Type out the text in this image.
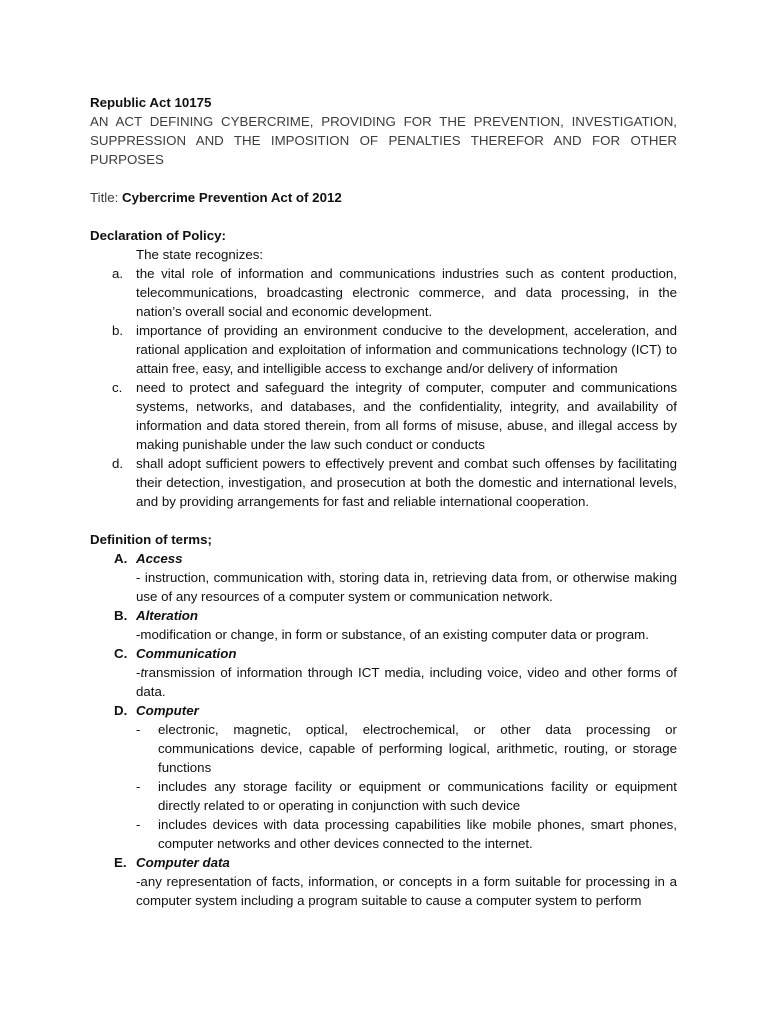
Republic Act 10175
AN ACT DEFINING CYBERCRIME, PROVIDING FOR THE PREVENTION, INVESTIGATION, SUPPRESSION AND THE IMPOSITION OF PENALTIES THEREFOR AND FOR OTHER PURPOSES
Title: Cybercrime Prevention Act of 2012
Declaration of Policy:
The state recognizes:
a. the vital role of information and communications industries such as content production, telecommunications, broadcasting electronic commerce, and data processing, in the nation’s overall social and economic development.
b. importance of providing an environment conducive to the development, acceleration, and rational application and exploitation of information and communications technology (ICT) to attain free, easy, and intelligible access to exchange and/or delivery of information
c.	need to protect and safeguard the integrity of computer, computer and communications systems, networks, and databases, and the confidentiality, integrity, and availability of information and data stored therein, from all forms of misuse, abuse, and illegal access by making punishable under the law such conduct or conducts
d. shall adopt sufficient powers to effectively prevent and combat such offenses by facilitating their detection, investigation, and prosecution at both the domestic and international levels, and by providing arrangements for fast and reliable international cooperation.
Definition of terms;
A. Access
- instruction, communication with, storing data in, retrieving data from, or otherwise making use of any resources of a computer system or communication network.
B. Alteration
-modification or change, in form or substance, of an existing computer data or program.
C. Communication
-transmission of information through ICT media, including voice, video and other forms of data.
D. Computer
-	electronic, magnetic, optical, electrochemical, or other data processing or communications device, capable of performing logical, arithmetic, routing, or storage functions
-	includes any storage facility or equipment or communications facility or equipment directly related to or operating in conjunction with such device
-	includes devices with data processing capabilities like mobile phones, smart phones, computer networks and other devices connected to the internet.
E. Computer data
-any representation of facts, information, or concepts in a form suitable for processing in a computer system including a program suitable to cause a computer system to perform
